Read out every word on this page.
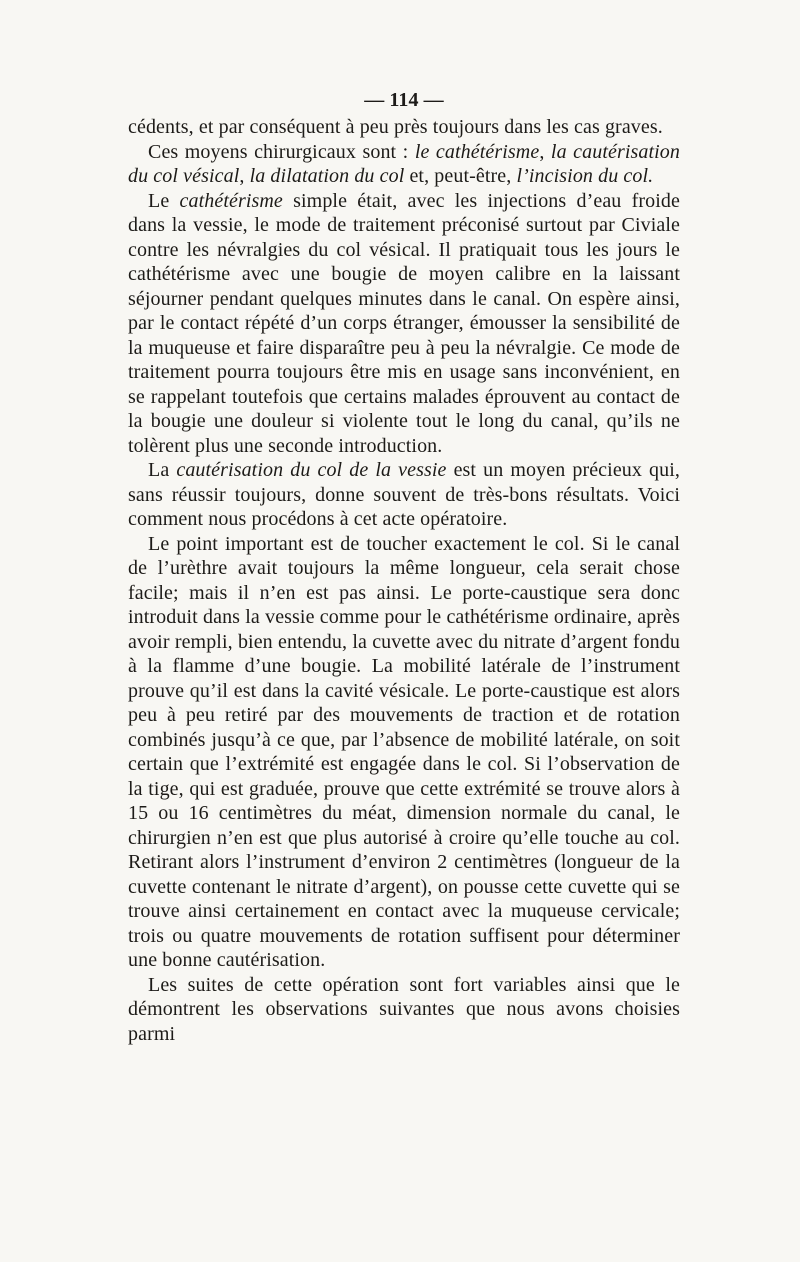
— 114 —

cédents, et par conséquent à peu près toujours dans les cas graves.

Ces moyens chirurgicaux sont : le cathétérisme, la cautérisation du col vésical, la dilatation du col et, peut-être, l’incision du col.

Le cathétérisme simple était, avec les injections d’eau froide dans la vessie, le mode de traitement préconisé surtout par Civiale contre les névralgies du col vésical. Il pratiquait tous les jours le cathétérisme avec une bougie de moyen calibre en la laissant séjourner pendant quelques minutes dans le canal. On espère ainsi, par le contact répété d’un corps étranger, émousser la sensibilité de la muqueuse et faire disparaître peu à peu la névralgie. Ce mode de traitement pourra toujours être mis en usage sans inconvénient, en se rappelant toutefois que certains malades éprouvent au contact de la bougie une douleur si violente tout le long du canal, qu’ils ne tolèrent plus une seconde introduction.

La cautérisation du col de la vessie est un moyen précieux qui, sans réussir toujours, donne souvent de très-bons résultats. Voici comment nous procédons à cet acte opératoire.

Le point important est de toucher exactement le col. Si le canal de l’urèthre avait toujours la même longueur, cela serait chose facile; mais il n’en est pas ainsi. Le porte-caustique sera donc introduit dans la vessie comme pour le cathétérisme ordinaire, après avoir rempli, bien entendu, la cuvette avec du nitrate d’argent fondu à la flamme d’une bougie. La mobilité latérale de l’instrument prouve qu’il est dans la cavité vésicale. Le porte-caustique est alors peu à peu retiré par des mouvements de traction et de rotation combinés jusqu’à ce que, par l’absence de mobilité latérale, on soit certain que l’extrémité est engagée dans le col. Si l’observation de la tige, qui est graduée, prouve que cette extrémité se trouve alors à 15 ou 16 centimètres du méat, dimension normale du canal, le chirurgien n’en est que plus autorisé à croire qu’elle touche au col. Retirant alors l’instrument d’environ 2 centimètres (longueur de la cuvette contenant le nitrate d’argent), on pousse cette cuvette qui se trouve ainsi certainement en contact avec la muqueuse cervicale; trois ou quatre mouvements de rotation suffisent pour déterminer une bonne cautérisation.

Les suites de cette opération sont fort variables ainsi que le démontrent les observations suivantes que nous avons choisies parmi
